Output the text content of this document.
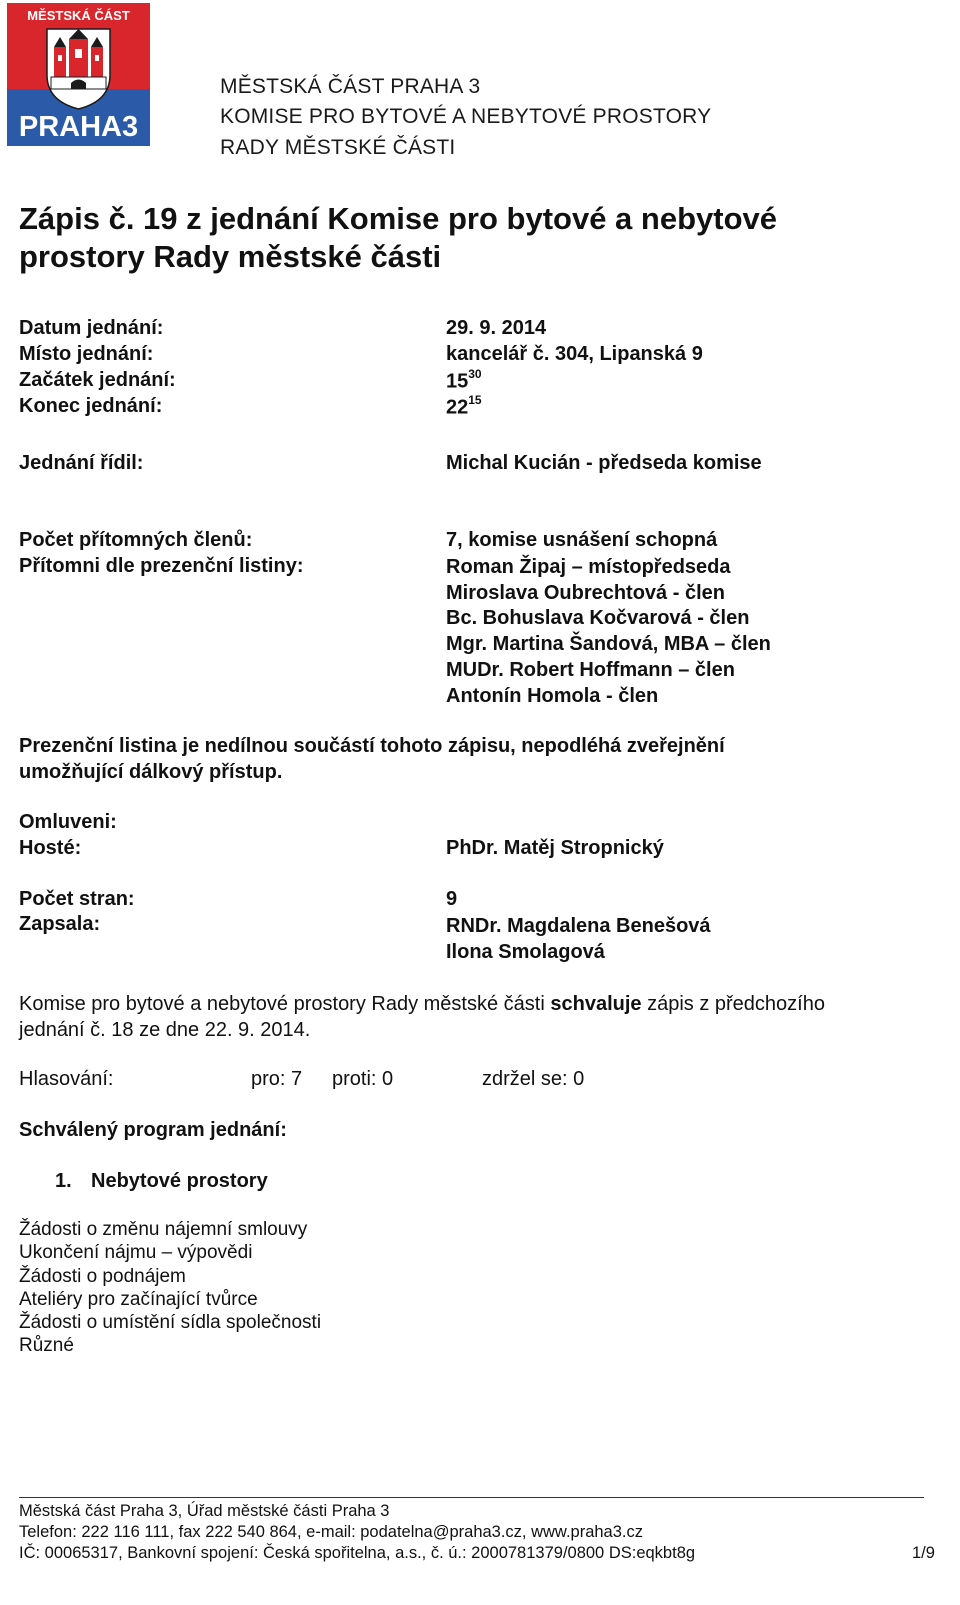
MĚSTSKÁ ČÁST
PRAHA3
MĚSTSKÁ ČÁST PRAHA 3
KOMISE PRO BYTOVÉ A NEBYTOVÉ PROSTORY
RADY MĚSTSKÉ ČÁSTI
Zápis č. 19 z jednání Komise pro bytové a nebytové
prostory Rady městské části
Datum jednání:	29. 9. 2014
Místo jednání:	kancelář č. 304, Lipanská 9
Začátek jednání:	$15^{30}$
Konec jednání:	$22^{15}$
Jednání řídil:	Michal Kucián - předseda komise
Počet přítomných členů:	7, komise usnášení schopná
Přítomni dle prezenční listiny:	Roman Žipaj – místopředseda
Miroslava Oubrechtová - člen
Bc. Bohuslava Kočvarová - člen
Mgr. Martina Šandová, MBA – člen
MUDr. Robert Hoffmann – člen
Antonín Homola - člen
Prezenční listina je nedílnou součástí tohoto zápisu, nepodléhá zveřejnění
umožňující dálkový přístup.
Omluveni:
Hosté:	PhDr. Matěj Stropnický
Počet stran:	9
Zapsala:	RNDr. Magdalena Benešová
Ilona Smolagová
Komise pro bytové a nebytové prostory Rady městské části schvaluje zápis z předchozího
jednání č. 18 ze dne 22. 9. 2014.
Hlasování:	pro: 7 proti: 0	zdržel se: 0
Schválený program jednání:
1. Nebytové prostory
Žádosti o změnu nájemní smlouvy
Ukončení nájmu – výpovědi
Žádosti o podnájem
Ateliéry pro začínající tvůrce
Žádosti o umístění sídla společnosti
Různé
Městská část Praha 3, Úřad městské části Praha 3
Telefon: 222 116 111, fax 222 540 864, e-mail: podatelna@praha3.cz, www.praha3.cz
IČ: 00065317, Bankovní spojení: Česká spořitelna, a.s., č. ú.: 2000781379/0800 DS:eqkbt8g	1/9
